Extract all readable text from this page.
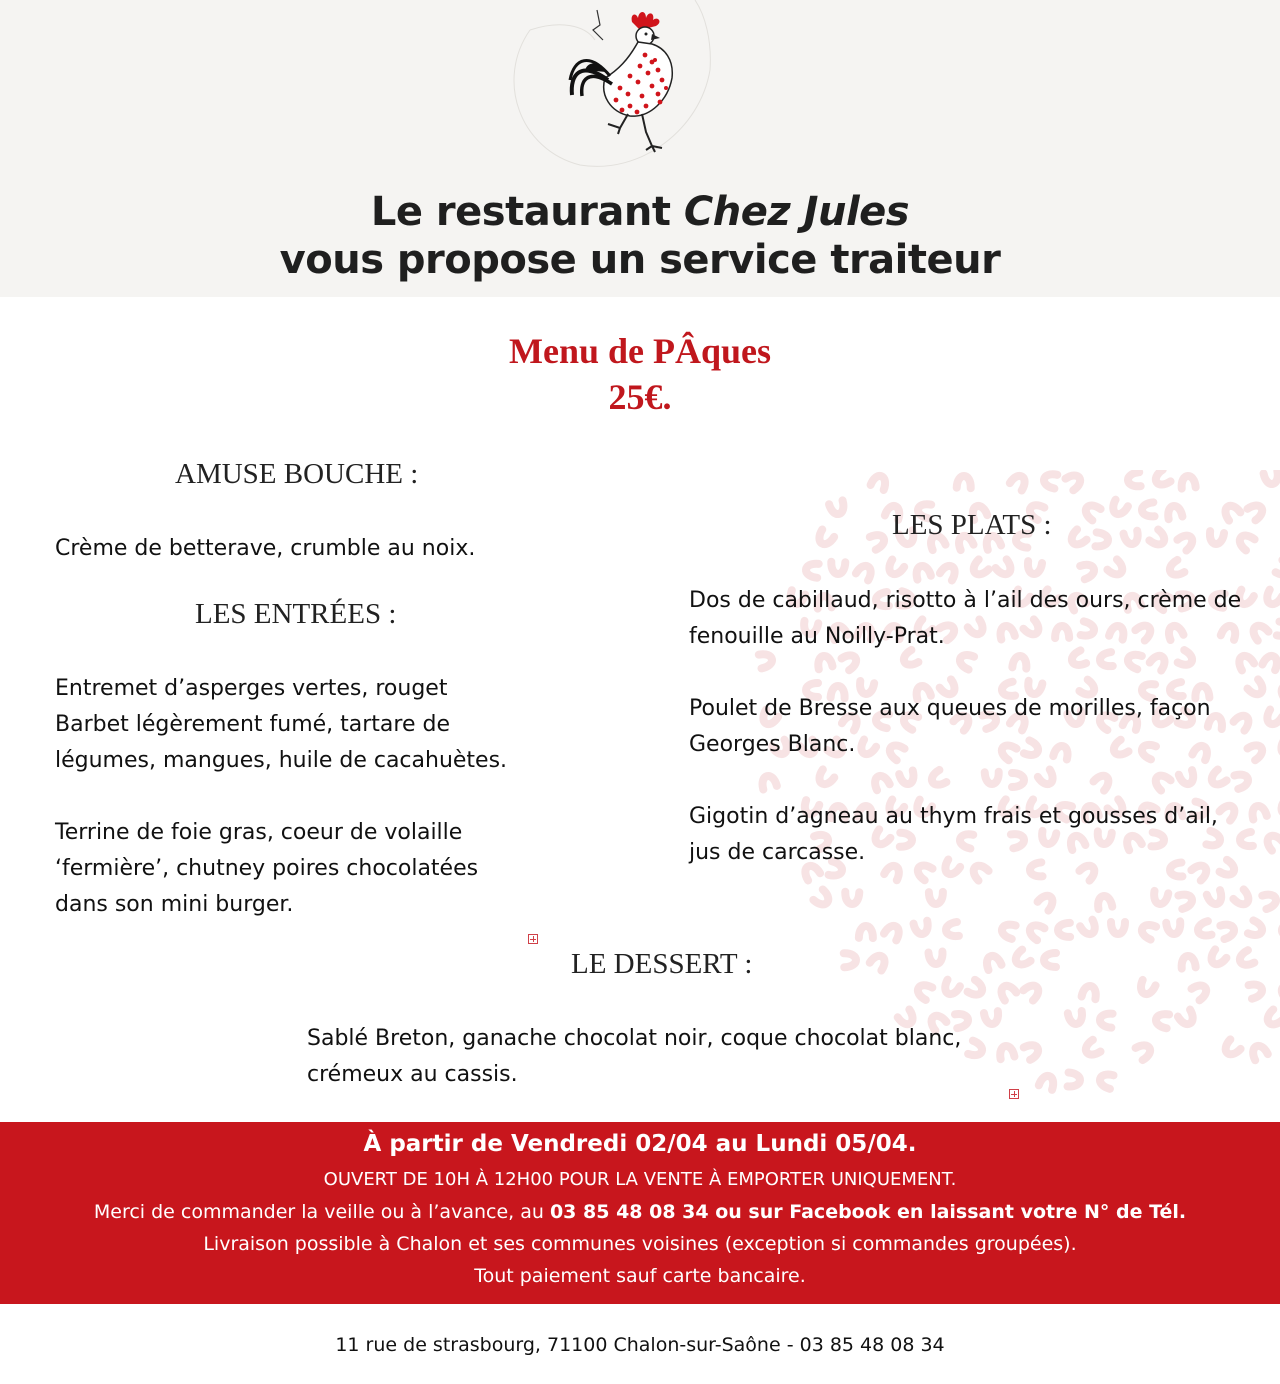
Le restaurant Chez Jules
vous propose un service traiteur
Menu de PÂques
25€.
AMUSE BOUCHE :

Crème de betterave, crumble au noix.

LES ENTRÉES :

Entremet d’asperges vertes, rouget Barbet légèrement fumé, tartare de légumes, mangues, huile de cacahuètes.

Terrine de foie gras, coeur de volaille ‘fermière’, chutney poires chocolatées dans son mini burger.

LES PLATS :

Dos de cabillaud, risotto à l’ail des ours, crème de fenouille au Noilly-Prat.

Poulet de Bresse aux queues de morilles, façon Georges Blanc.

Gigotin d’agneau au thym frais et gousses d’ail, jus de carcasse.

LE DESSERT :

Sablé Breton, ganache chocolat noir, coque chocolat blanc, crémeux au cassis.

À partir de Vendredi 02/04 au Lundi 05/04.
OUVERT DE 10H À 12H00 POUR LA VENTE À EMPORTER UNIQUEMENT.
Merci de commander la veille ou à l’avance, au 03 85 48 08 34 ou sur Facebook en laissant votre N° de Tél.
Livraison possible à Chalon et ses communes voisines (exception si commandes groupées).
Tout paiement sauf carte bancaire.
11 rue de strasbourg, 71100 Chalon-sur-Saône - 03 85 48 08 34
